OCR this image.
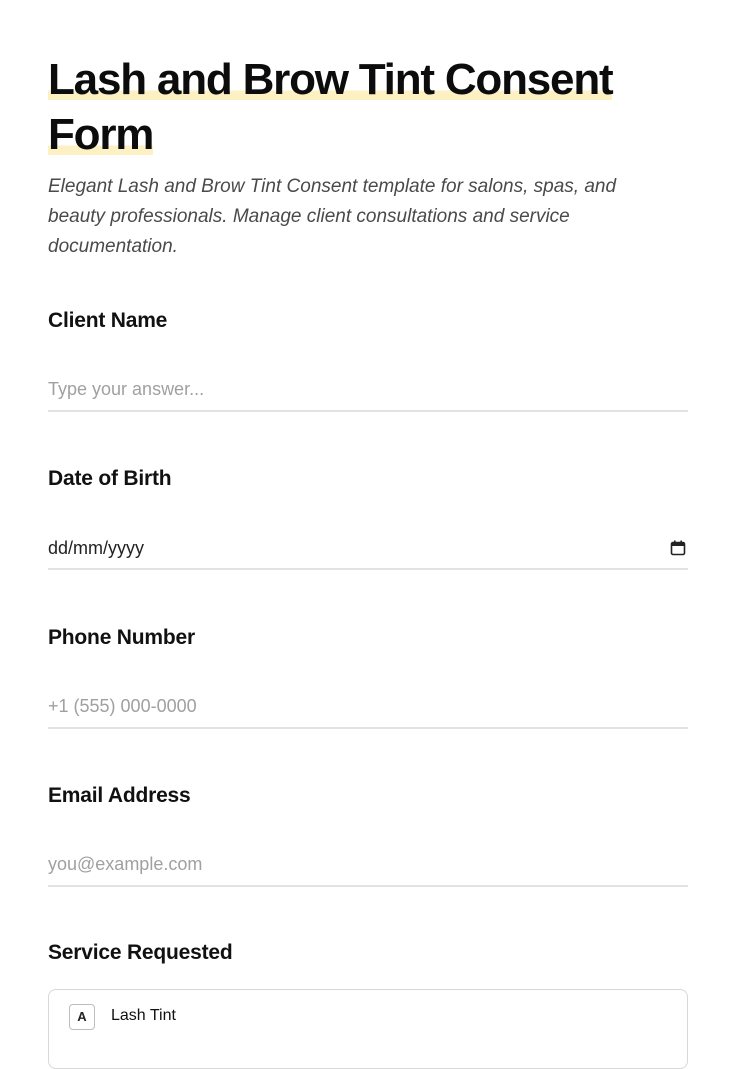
Lash and Brow Tint Consent Form

Elegant Lash and Brow Tint Consent template for salons, spas, and beauty professionals. Manage client consultations and service documentation.

Client Name
Type your answer...
Date of Birth
dd/mm/yyyy
Phone Number
+1 (555) 000-0000
Email Address
you@example.com
Service Requested
A	Lash Tint
